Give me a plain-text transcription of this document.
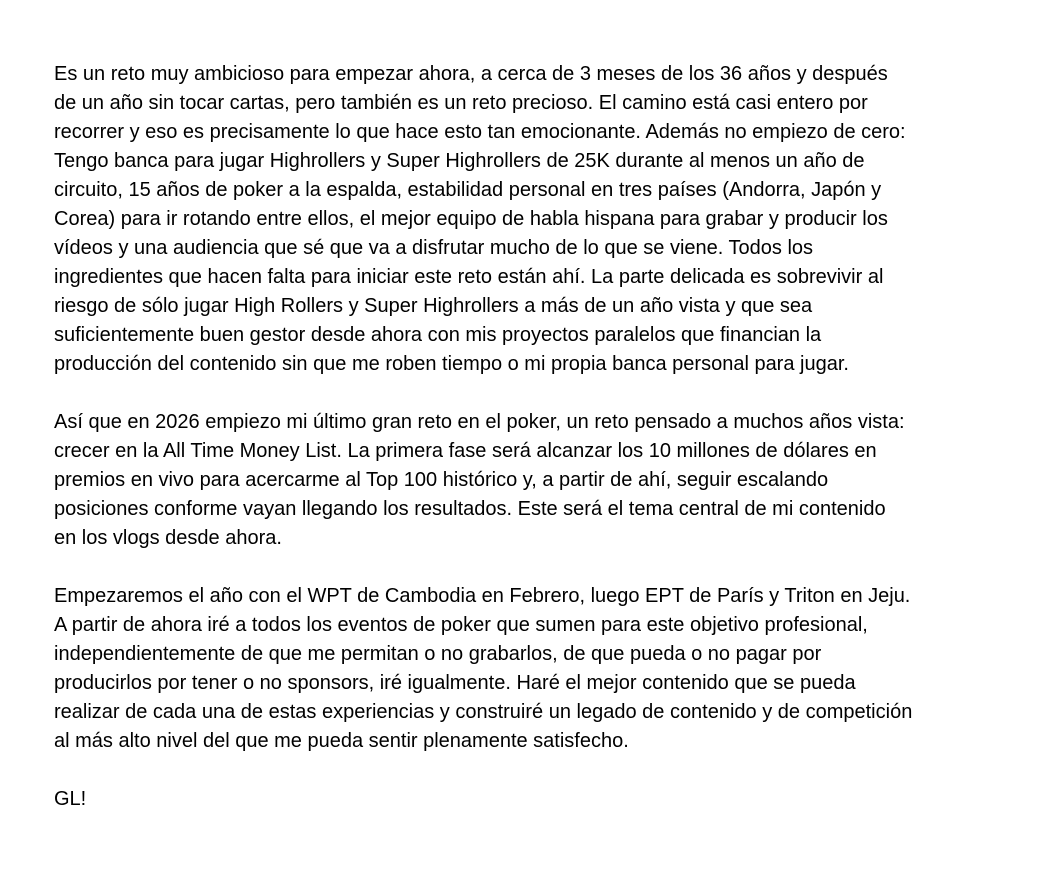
Es un reto muy ambicioso para empezar ahora, a cerca de 3 meses de los 36 años y después
de un año sin tocar cartas, pero también es un reto precioso. El camino está casi entero por
recorrer y eso es precisamente lo que hace esto tan emocionante. Además no empiezo de cero:
Tengo banca para jugar Highrollers y Super Highrollers de 25K durante al menos un año de
circuito, 15 años de poker a la espalda, estabilidad personal en tres países (Andorra, Japón y
Corea) para ir rotando entre ellos, el mejor equipo de habla hispana para grabar y producir los
vídeos y una audiencia que sé que va a disfrutar mucho de lo que se viene. Todos los
ingredientes que hacen falta para iniciar este reto están ahí. La parte delicada es sobrevivir al
riesgo de sólo jugar High Rollers y Super Highrollers a más de un año vista y que sea
suficientemente buen gestor desde ahora con mis proyectos paralelos que financian la
producción del contenido sin que me roben tiempo o mi propia banca personal para jugar.

Así que en 2026 empiezo mi último gran reto en el poker, un reto pensado a muchos años vista:
crecer en la All Time Money List. La primera fase será alcanzar los 10 millones de dólares en
premios en vivo para acercarme al Top 100 histórico y, a partir de ahí, seguir escalando
posiciones conforme vayan llegando los resultados. Este será el tema central de mi contenido
en los vlogs desde ahora.

Empezaremos el año con el WPT de Cambodia en Febrero, luego EPT de París y Triton en Jeju.
A partir de ahora iré a todos los eventos de poker que sumen para este objetivo profesional,
independientemente de que me permitan o no grabarlos, de que pueda o no pagar por
producirlos por tener o no sponsors, iré igualmente. Haré el mejor contenido que se pueda
realizar de cada una de estas experiencias y construiré un legado de contenido y de competición
al más alto nivel del que me pueda sentir plenamente satisfecho.

GL!
